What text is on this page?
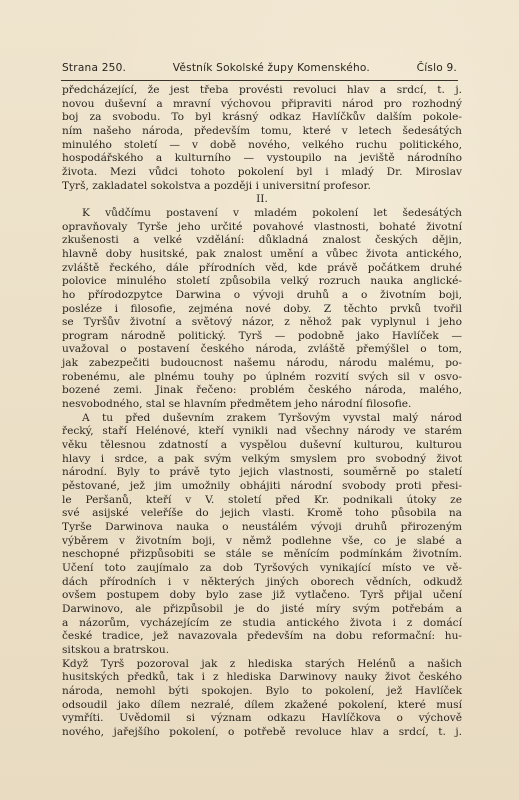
Strana 250.	Věstník Sokolské župy Komenského.	Číslo 9.
předcházející, že jest třeba provésti revoluci hlav a srdcí, t. j.
novou duševní a mravní výchovou připraviti národ pro rozhodný
boj za svobodu. To byl krásný odkaz Havlíčkův dalším pokole-
ním našeho národa, především tomu, které v letech šedesátých
minulého století — v době nového, velkého ruchu politického,
hospodářského a kulturního — vystoupilo na jeviště národního
života. Mezi vůdci tohoto pokolení byl i mladý Dr. Miroslav
Tyrš, zakladatel sokolstva a později i universitní profesor.
II.
K vůdčímu postavení v mladém pokolení let šedesátých
opravňovaly Tyrše jeho určité povahové vlastnosti, bohaté životní
zkušenosti a velké vzdělání: důkladná znalost českých dějin,
hlavně doby husitské, pak znalost umění a vůbec života antického,
zvláště řeckého, dále přírodních věd, kde právě počátkem druhé
polovice minulého století způsobila velký rozruch nauka anglické-
ho přírodozpytce Darwina o vývoji druhů a o životním boji,
posléze i filosofie, zejména nové doby. Z těchto prvků tvořil
se Tyršův životní a světový názor, z něhož pak vyplynul i jeho
program národně politický. Tyrš — podobně jako Havlíček —
uvažoval o postavení českého národa, zvláště přemýšlel o tom,
jak zabezpečiti budoucnost našemu národu, národu malému, po-
robenému, ale plnému touhy po úplném rozvití svých sil v osvo-
bozené zemi. Jinak řečeno: problém českého národa, malého,
nesvobodného, stal se hlavním předmětem jeho národní filosofie.
A tu před duševním zrakem Tyršovým vyvstal malý národ
řecký, staří Helénové, kteří vynikli nad všechny národy ve starém
věku tělesnou zdatností a vyspělou duševní kulturou, kulturou
hlavy i srdce, a pak svým velkým smyslem pro svobodný život
národní. Byly to právě tyto jejich vlastnosti, souměrně po staletí
pěstované, jež jim umožnily obhájiti národní svobody proti přesi-
le Peršanů, kteří v V. století před Kr. podnikali útoky ze
své asijské veleříše do jejich vlasti. Kromě toho působila na
Tyrše Darwinova nauka o neustálém vývoji druhů přirozeným
výběrem v životním boji, v němž podlehne vše, co je slabé a
neschopné přizpůsobiti se stále se měnícím podmínkám životním.
Učení toto zaujímalo za dob Tyršových vynikající místo ve vě-
dách přírodních i v některých jiných oborech vědních, odkudž
ovšem postupem doby bylo zase již vytlačeno. Tyrš přijal učení
Darwinovo, ale přizpůsobil je do jisté míry svým potřebám a
a názorům, vycházejícím ze studia antického života i z domácí
české tradice, jež navazovala především na dobu reformační: hu-
sitskou a bratrskou.
Když Tyrš pozoroval jak z hlediska starých Helénů a našich
husitských předků, tak i z hlediska Darwinovy nauky život českého
národa, nemohl býti spokojen. Bylo to pokolení, jež Havlíček
odsoudil jako dílem nezralé, dílem zkažené pokolení, které musí
vymříti. Uvědomil si význam odkazu Havlíčkova o výchově
nového, jařejšího pokolení, o potřebě revoluce hlav a srdcí, t. j.
